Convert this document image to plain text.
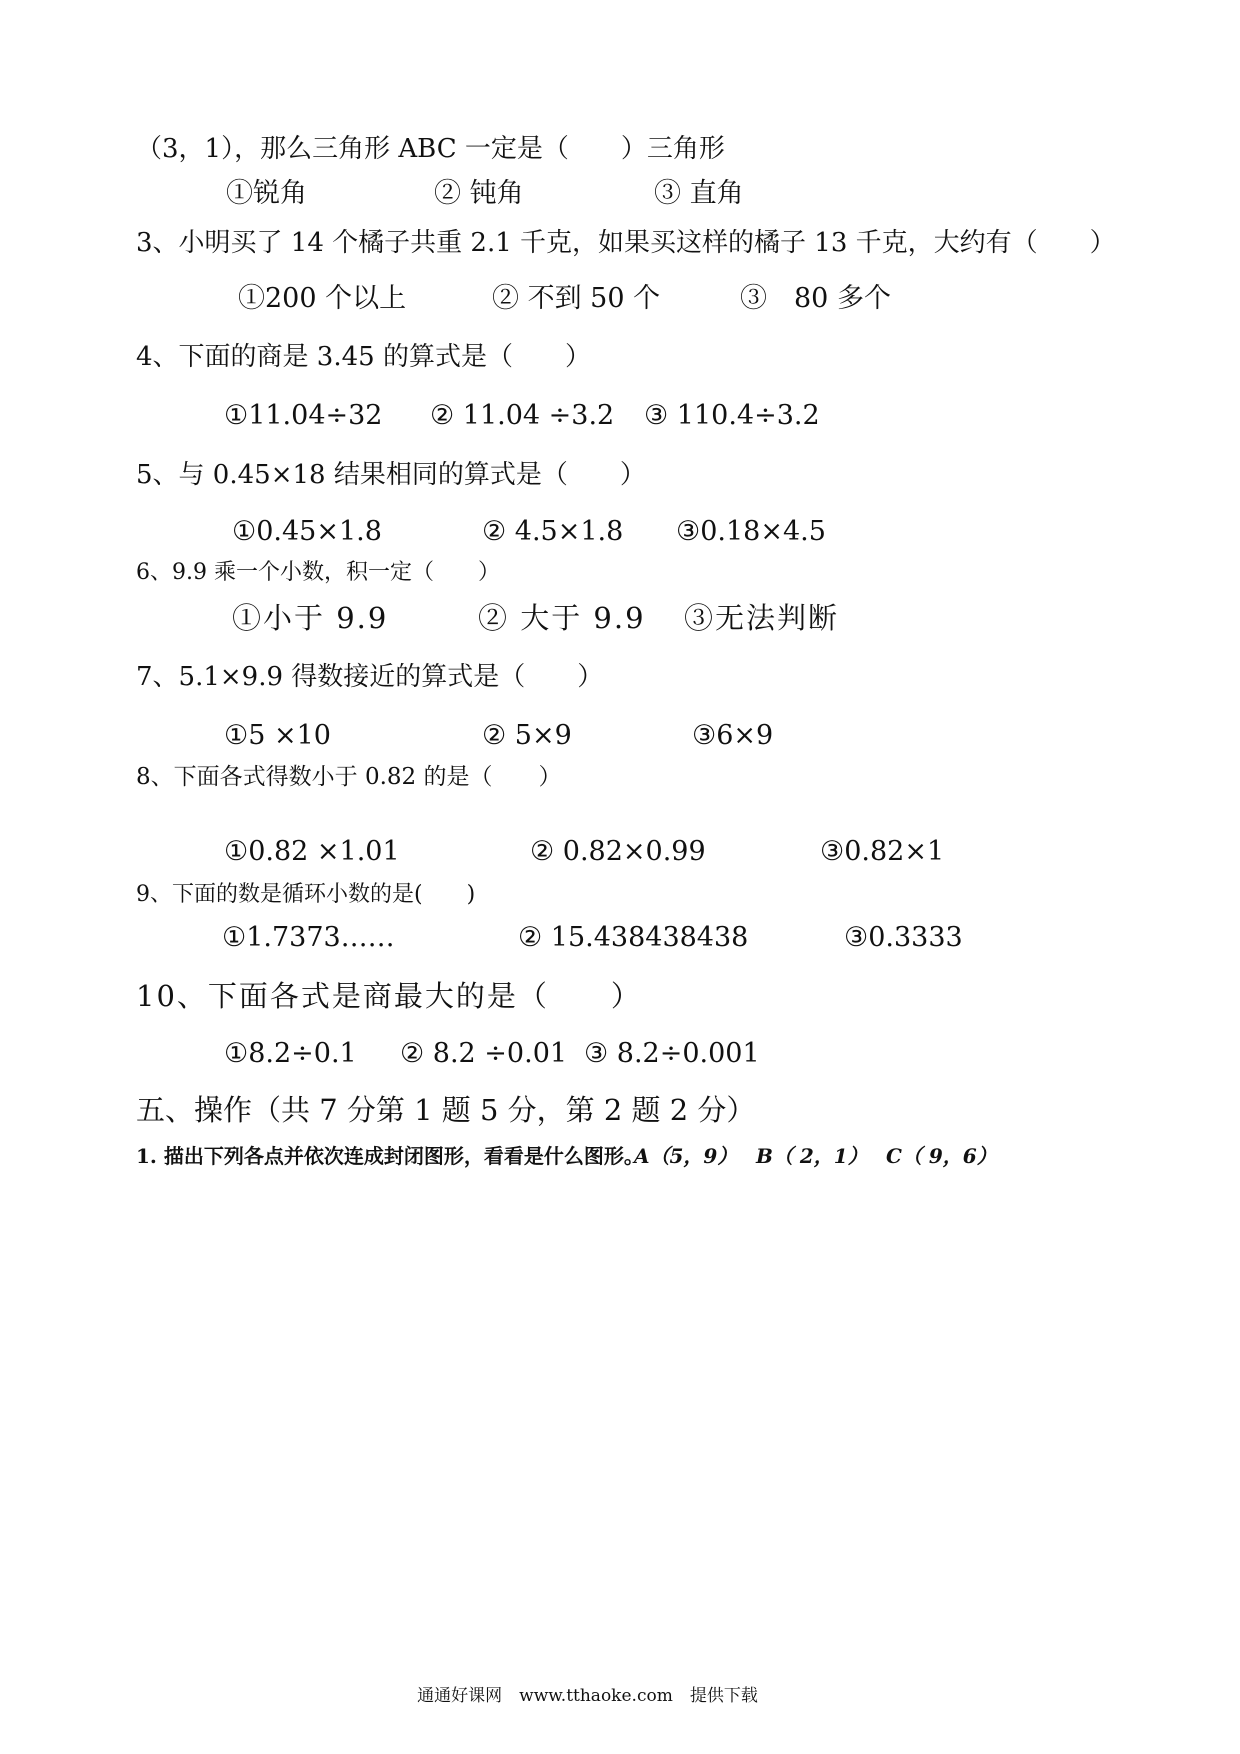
（3，1），那么三角形 ABC 一定是（　　）三角形
①锐角	② 钝角	③ 直角
3、小明买了 14 个橘子共重 2.1 千克，如果买这样的橘子 13 千克，大约有（　　）
①200 个以上	② 不到 50 个	③　80 多个
4、下面的商是 3.45 的算式是（　　）
①11.04÷32 ② 11.04 ÷3.2 ③ 110.4÷3.2
5、与 0.45×18 结果相同的算式是（　　）
①0.45×1.8	② 4.5×1.8 ③0.18×4.5
6、9.9 乘一个小数，积一定（　　）
①小于 9.9	② 大于 9.9 ③无法判断
7、5.1×9.9 得数接近的算式是（　　）
①5 ×10	② 5×9	③6×9
8、下面各式得数小于 0.82 的是（　　）
①0.82 ×1.01	② 0.82×0.99	③0.82×1
9、下面的数是循环小数的是(　　)
①1.7373……	② 15.438438438	③0.3333
10、下面各式是商最大的是（　　）
①8.2÷0.1 ② 8.2 ÷0.01 ③ 8.2÷0.001
五、操作（共 7 分第 1 题 5 分，第 2 题 2 分）
1. 描出下列各点并依次连成封闭图形，看看是什么图形。
A（5，9） B（ 2，1） C（ 9，6）
通通好课网　www.tthaoke.com　提供下载
